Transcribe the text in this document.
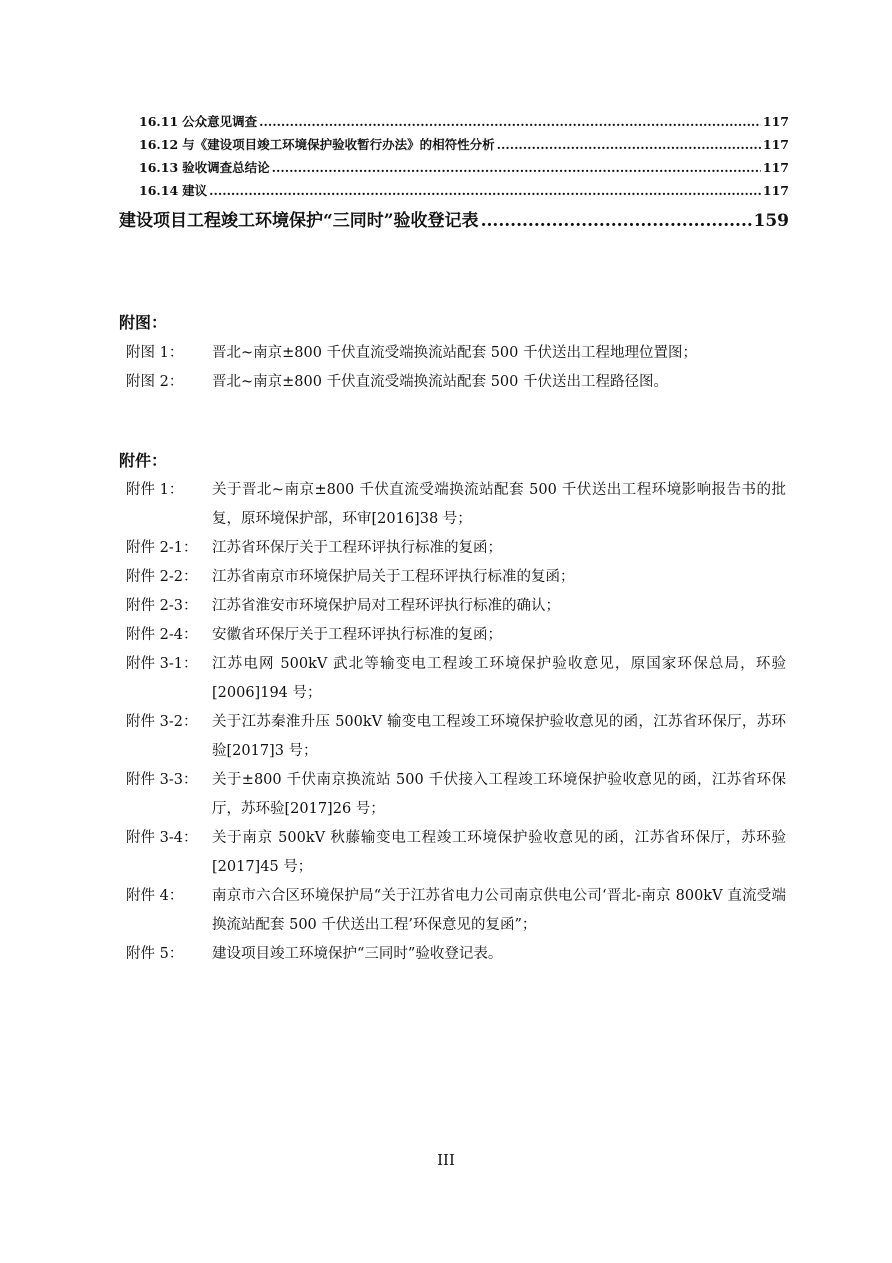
16.11 公众意见调查 .....	117
16.12 与《建设项目竣工环境保护验收暂行办法》的相符性分析 .....	117
16.13 验收调查总结论 .....	117
16.14 建议 .....	117
建设项目工程竣工环境保护“三同时”验收登记表 .....	159
附图：
附图 1：	晋北~南京±800 千伏直流受端换流站配套 500 千伏送出工程地理位置图；
附图 2：	晋北~南京±800 千伏直流受端换流站配套 500 千伏送出工程路径图。
附件：
附件 1：	关于晋北~南京±800 千伏直流受端换流站配套 500 千伏送出工程环境影响报告书的批复，原环境保护部，环审[2016]38 号；
附件 2-1：	江苏省环保厅关于工程环评执行标准的复函；
附件 2-2：	江苏省南京市环境保护局关于工程环评执行标准的复函；
附件 2-3：	江苏省淮安市环境保护局对工程环评执行标准的确认；
附件 2-4：	安徽省环保厅关于工程环评执行标准的复函；
附件 3-1：	江苏电网 500kV 武北等输变电工程竣工环境保护验收意见，原国家环保总局，环验[2006]194 号；
附件 3-2：	关于江苏秦淮升压 500kV 输变电工程竣工环境保护验收意见的函，江苏省环保厅，苏环验[2017]3 号；
附件 3-3：	关于±800 千伏南京换流站 500 千伏接入工程竣工环境保护验收意见的函，江苏省环保厅，苏环验[2017]26 号；
附件 3-4：	关于南京 500kV 秋藤输变电工程竣工环境保护验收意见的函，江苏省环保厅，苏环验[2017]45 号；
附件 4：	南京市六合区环境保护局“关于江苏省电力公司南京供电公司‘晋北-南京 800kV 直流受端换流站配套 500 千伏送出工程’环保意见的复函”；
附件 5：	建设项目竣工环境保护“三同时”验收登记表。
III
